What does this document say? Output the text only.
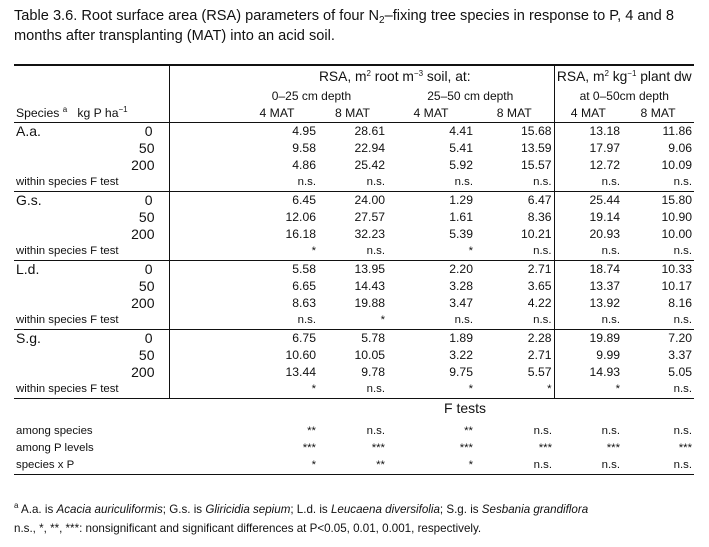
Table 3.6. Root surface area (RSA) parameters of four $N_2$–fixing tree species in response to P, 4 and 8 months after transplanting (MAT) into an acid soil.
		RSA, $m^2$ root $m^{-3}$ soil, at:				RSA, $m^2$ $kg^{-1}$ plant dw	
		0–25 cm depth		25–50 cm depth		at 0–50cm depth	
Species $^a$ kg P $ha^{-1}$		4 MAT	8 MAT	4 MAT	8 MAT	4 MAT	8 MAT
A.a. 0		4.95	28.61	4.41	15.68	13.18	11.86
50		9.58	22.94	5.41	13.59	17.97	9.06
200		4.86	25.42	5.92	15.57	12.72	10.09
within species F test		n.s.	n.s.	n.s.	n.s.	n.s.	n.s.
G.s. 0		6.45	24.00	1.29	6.47	25.44	15.80
50		12.06	27.57	1.61	8.36	19.14	10.90
200		16.18	32.23	5.39	10.21	20.93	10.00
within species F test		*	n.s.	*	n.s.	n.s.	n.s.
L.d. 0		5.58	13.95	2.20	2.71	18.74	10.33
50		6.65	14.43	3.28	3.65	13.37	10.17
200		8.63	19.88	3.47	4.22	13.92	8.16
within species F test		n.s.	*	n.s.	n.s.	n.s.	n.s.
S.g. 0		6.75	5.78	1.89	2.28	19.89	7.20
50		10.60	10.05	3.22	2.71	9.99	3.37
200		13.44	9.78	9.75	5.57	14.93	5.05
within species F test		*	n.s.	*	*	*	n.s.
		F tests					

among species		**	n.s.	**	n.s.	n.s.	n.s.
among P levels		***	***	***	***	***	***
species x P		*	**	*	n.s.	n.s.	n.s.
$^a$ A.a. is Acacia auriculiformis; G.s. is Gliricidia sepium; L.d. is Leucaena diversifolia; S.g. is Sesbania grandiflora
n.s., *, **, ***: nonsignificant and significant differences at P<0.05, 0.01, 0.001, respectively.
